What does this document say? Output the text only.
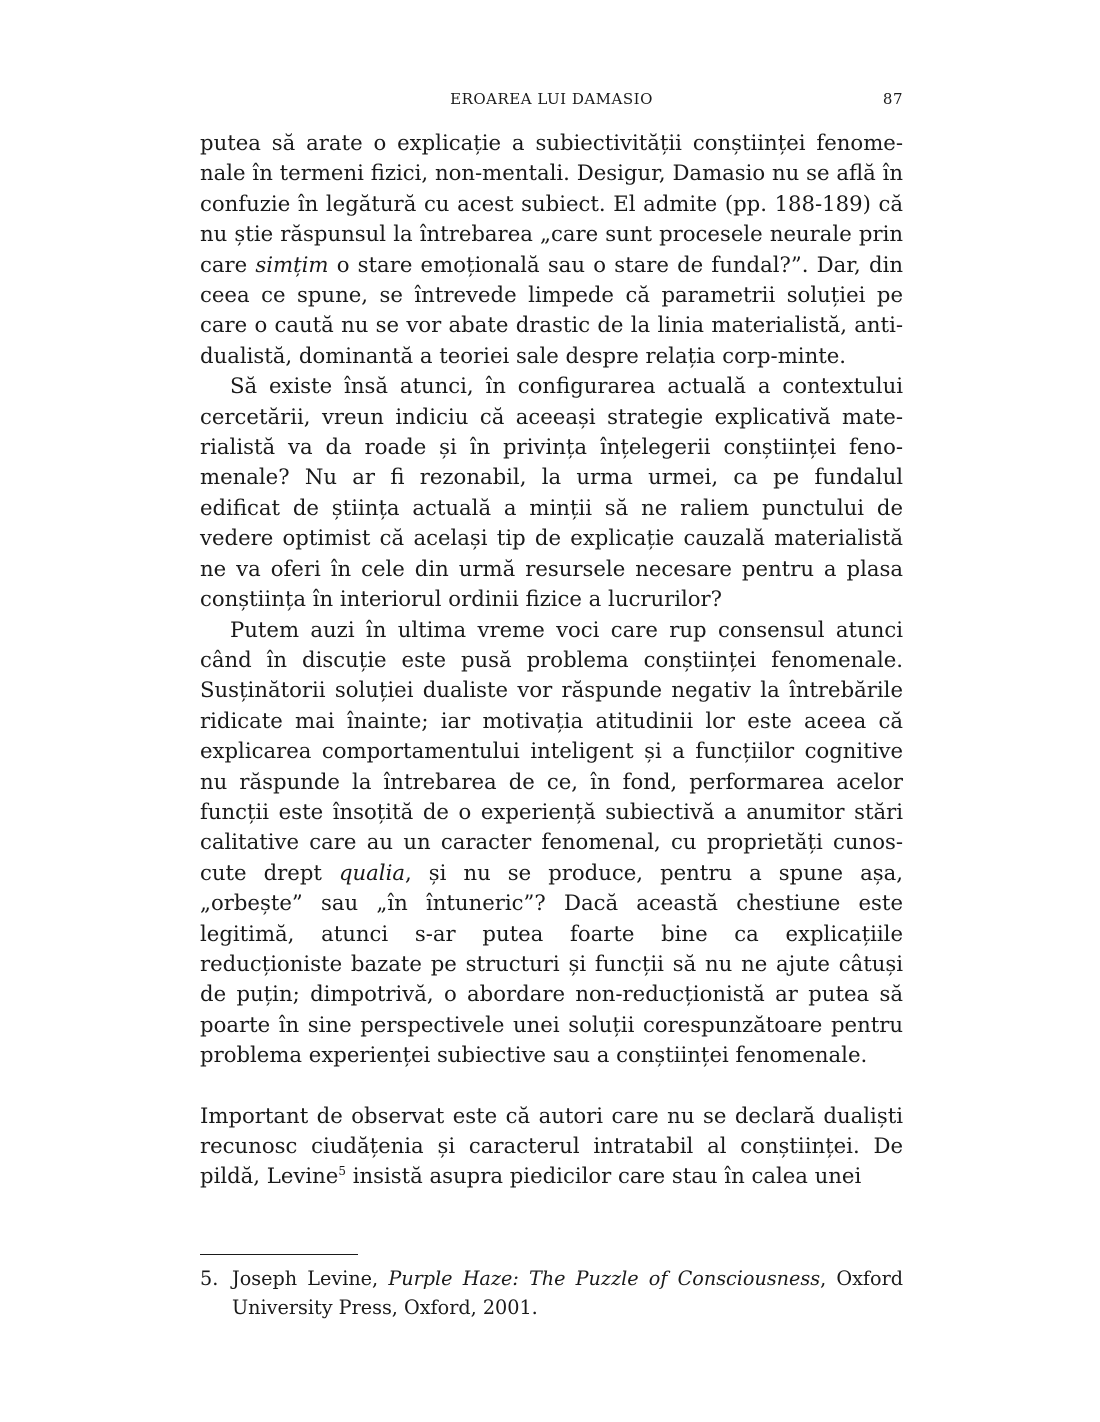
EROAREA LUI DAMASIO	87

putea să arate o explicație a subiectivității conștiinței fenomenale în termeni fizici, non-mentali. Desigur, Damasio nu se află în confuzie în legătură cu acest subiect. El admite (pp. 188-189) că nu știe răspunsul la întrebarea „care sunt procesele neurale prin care simțim o stare emoțională sau o stare de fundal?”. Dar, din ceea ce spune, se întrevede limpede că parametrii soluției pe care o caută nu se vor abate drastic de la linia materialistă, anti-dualistă, dominantă a teoriei sale despre relația corp-minte.

Să existe însă atunci, în configurarea actuală a contextului cercetării, vreun indiciu că aceeași strategie explicativă materialistă va da roade și în privința înțelegerii conștiinței fenomenale? Nu ar fi rezonabil, la urma urmei, ca pe fundalul edificat de știința actuală a minții să ne raliem punctului de vedere optimist că același tip de explicație cauzală materialistă ne va oferi în cele din urmă resursele necesare pentru a plasa conștiința în interiorul ordinii fizice a lucrurilor?

Putem auzi în ultima vreme voci care rup consensul atunci când în discuție este pusă problema conștiinței fenomenale. Susținătorii soluției dualiste vor răspunde negativ la întrebările ridicate mai înainte; iar motivația atitudinii lor este aceea că explicarea comportamentului inteligent și a funcțiilor cognitive nu răspunde la întrebarea de ce, în fond, performarea acelor funcții este însoțită de o experiență subiectivă a anumitor stări calitative care au un caracter fenomenal, cu proprietăți cunoscute drept qualia, și nu se produce, pentru a spune așa, „orbește” sau „în întuneric”? Dacă această chestiune este legitimă, atunci s-ar putea foarte bine ca explicațiile reducționiste bazate pe structuri și funcții să nu ne ajute câtuși de puțin; dimpotrivă, o abordare non-reducționistă ar putea să poarte în sine perspectivele unei soluții corespunzătoare pentru problema experienței subiective sau a conștiinței fenomenale.

Important de observat este că autori care nu se declară dualiști recunosc ciudățenia și caracterul intratabil al conștiinței. De pildă, Levine$^5$ insistă asupra piedicilor care stau în calea unei

5. Joseph Levine, Purple Haze: The Puzzle of Consciousness, Oxford University Press, Oxford, 2001.
